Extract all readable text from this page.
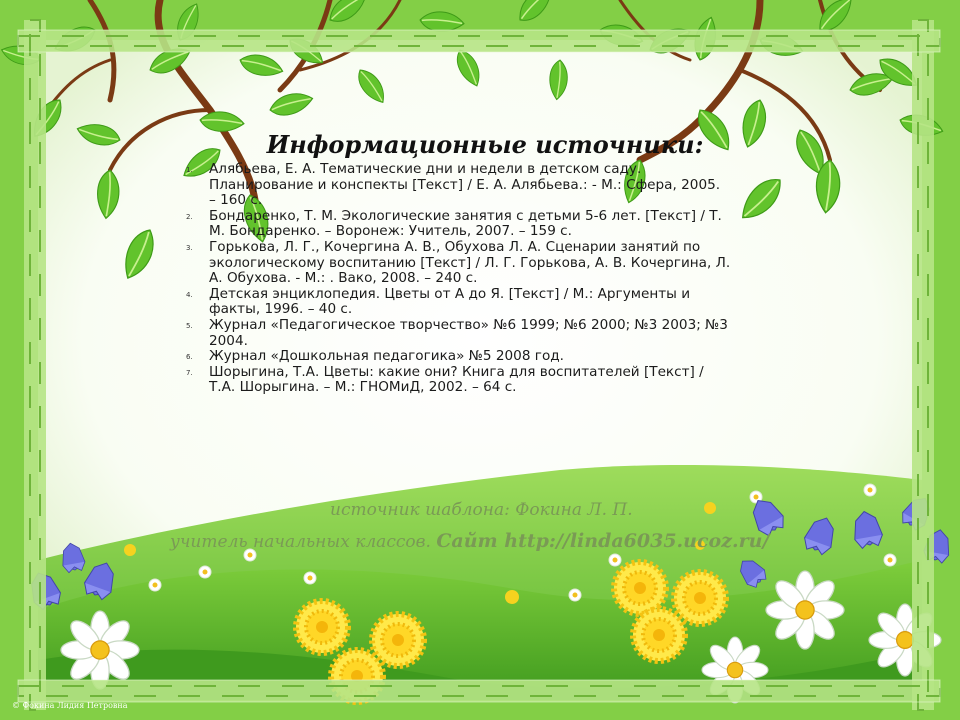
Информационные источники:
1. Алябьева, Е. А. Тематические дни и недели в детском саду.
Планирование и конспекты [Текст] / Е. А. Алябьева.: - М.: Сфера, 2005.
– 160 с.
2. Бондаренко, Т. М. Экологические занятия с детьми 5-6 лет. [Текст] / Т.
М. Бондаренко. – Воронеж: Учитель, 2007. – 159 с.
3. Горькова, Л. Г., Кочергина А. В., Обухова Л. А. Сценарии занятий по
экологическому воспитанию [Текст] / Л. Г. Горькова, А. В. Кочергина, Л.
А. Обухова. - М.: . Вако, 2008. – 240 с.
4. Детская энциклопедия. Цветы от А до Я. [Текст] / М.: Аргументы и
факты, 1996. – 40 с.
5. Журнал «Педагогическое творчество» №6 1999; №6 2000; №3 2003; №3
2004.
6. Журнал «Дошкольная педагогика» №5 2008 год.
7. Шорыгина, Т.А. Цветы: какие они? Книга для воспитателей [Текст] /
Т.А. Шорыгина. – М.: ГНОМиД, 2002. – 64 с.
источник шаблона: Фокина Л. П.
учитель начальных классов. Сайт http://linda6035.ucoz.ru/
© Фокина Лидия Петровна
